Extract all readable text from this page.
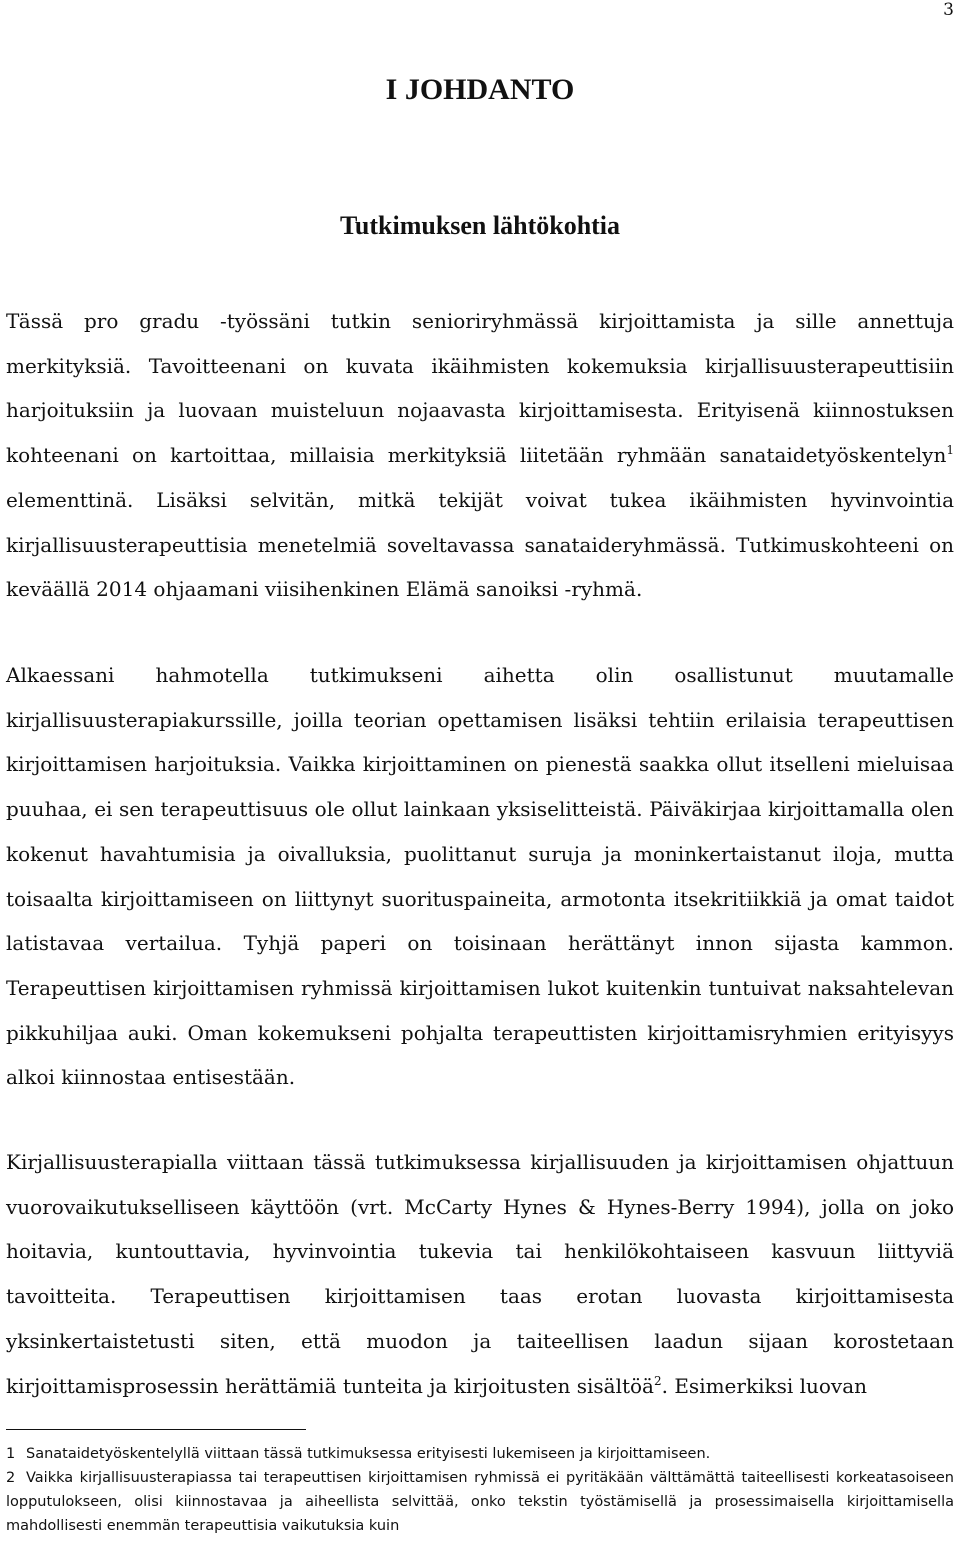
3
I JOHDANTO
Tutkimuksen lähtökohtia

Tässä pro gradu -työssäni tutkin senioriryhmässä kirjoittamista ja sille annettuja merkityksiä. Tavoitteenani on kuvata ikäihmisten kokemuksia kirjallisuusterapeuttisiin harjoituksiin ja luovaan muisteluun nojaavasta kirjoittamisesta. Erityisenä kiinnostuksen kohteenani on kartoittaa, millaisia merkityksiä liitetään ryhmään sanataidetyöskentelyn$^1$ elementtinä. Lisäksi selvitän, mitkä tekijät voivat tukea ikäihmisten hyvinvointia kirjallisuusterapeuttisia menetelmiä soveltavassa sanataideryhmässä. Tutkimuskohteeni on keväällä 2014 ohjaamani viisihenkinen Elämä sanoiksi -ryhmä.

Alkaessani hahmotella tutkimukseni aihetta olin osallistunut muutamalle kirjallisuusterapiakurssille, joilla teorian opettamisen lisäksi tehtiin erilaisia terapeuttisen kirjoittamisen harjoituksia. Vaikka kirjoittaminen on pienestä saakka ollut itselleni mieluisaa puuhaa, ei sen terapeuttisuus ole ollut lainkaan yksiselitteistä. Päiväkirjaa kirjoittamalla olen kokenut havahtumisia ja oivalluksia, puolittanut suruja ja moninkertaistanut iloja, mutta toisaalta kirjoittamiseen on liittynyt suorituspaineita, armotonta itsekritiikkiä ja omat taidot latistavaa vertailua. Tyhjä paperi on toisinaan herättänyt innon sijasta kammon. Terapeuttisen kirjoittamisen ryhmissä kirjoittamisen lukot kuitenkin tuntuivat naksahtelevan pikkuhiljaa auki. Oman kokemukseni pohjalta terapeuttisten kirjoittamisryhmien erityisyys alkoi kiinnostaa entisestään.

Kirjallisuusterapialla viittaan tässä tutkimuksessa kirjallisuuden ja kirjoittamisen ohjattuun vuorovaikutukselliseen käyttöön (vrt. McCarty Hynes & Hynes-Berry 1994), jolla on joko hoitavia, kuntouttavia, hyvinvointia tukevia tai henkilökohtaiseen kasvuun liittyviä tavoitteita. Terapeuttisen kirjoittamisen taas erotan luovasta kirjoittamisesta yksinkertaistetusti siten, että muodon ja taiteellisen laadun sijaan korostetaan kirjoittamisprosessin herättämiä tunteita ja kirjoitusten sisältöä$^2$. Esimerkiksi luovan

1 Sanataidetyöskentelyllä viittaan tässä tutkimuksessa erityisesti lukemiseen ja kirjoittamiseen.

2 Vaikka kirjallisuusterapiassa tai terapeuttisen kirjoittamisen ryhmissä ei pyritäkään välttämättä taiteellisesti korkeatasoiseen lopputulokseen, olisi kiinnostavaa ja aiheellista selvittää, onko tekstin työstämisellä ja prosessimaisella kirjoittamisella mahdollisesti enemmän terapeuttisia vaikutuksia kuin
